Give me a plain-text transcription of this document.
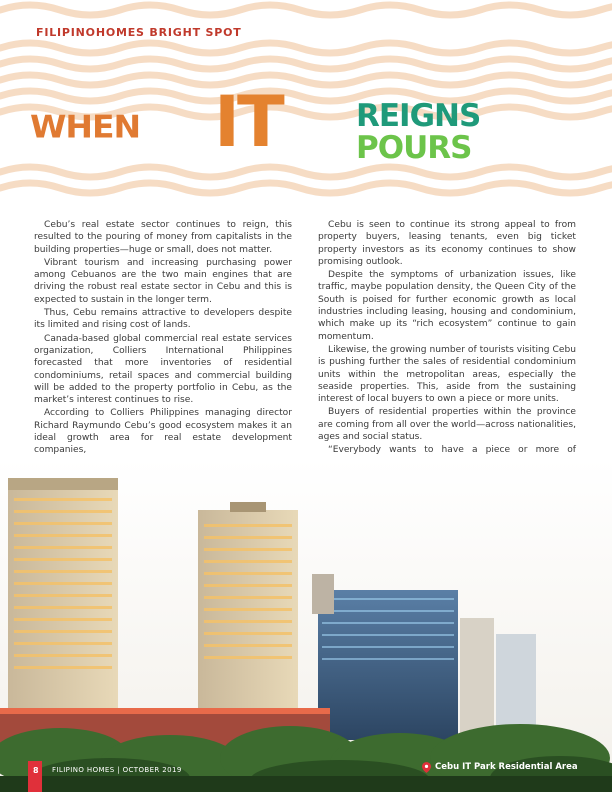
FILIPINOHOMES BRIGHT SPOT
WHEN IT REIGNS
POURS

Cebu’s real estate sector continues to reign, this resulted to the pouring of money from capitalists in the building properties—huge or small, does not matter.

Vibrant tourism and increasing purchasing power among Cebuanos are the two main engines that are driving the robust real estate sector in Cebu and this is expected to sustain in the longer term.

Thus, Cebu remains attractive to developers despite its limited and rising cost of lands.

Canada-based global commercial real estate services organization, Colliers International Philippines forecasted that more inventories of residential condominiums, retail spaces and commercial building will be added to the property portfolio in Cebu, as the market’s interest continues to rise.

According to Colliers Philippines managing director Richard Raymundo Cebu’s good ecosystem makes it an ideal growth area for real estate development companies,

Cebu is seen to continue its strong appeal to from property buyers, leasing tenants, even big ticket property investors as its economy continues to show promising outlook.

Despite the symptoms of urbanization issues, like traffic, maybe population density, the Queen City of the South is poised for further economic growth as local industries including leasing, housing and condominium, which make up its “rich ecosystem” continue to gain momentum.

Likewise, the growing number of tourists visiting Cebu is pushing further the sales of residential condominium units within the metropolitan areas, especially the seaside properties. This, aside from the sustaining interest of local buyers to own a piece or more units.

Buyers of residential properties within the province are coming from all over the world—across nationalities, ages and social status.

“Everybody wants to have a piece or more of

8 FILIPINO HOMES | OCTOBER 2019	Cebu IT Park Residential Area
